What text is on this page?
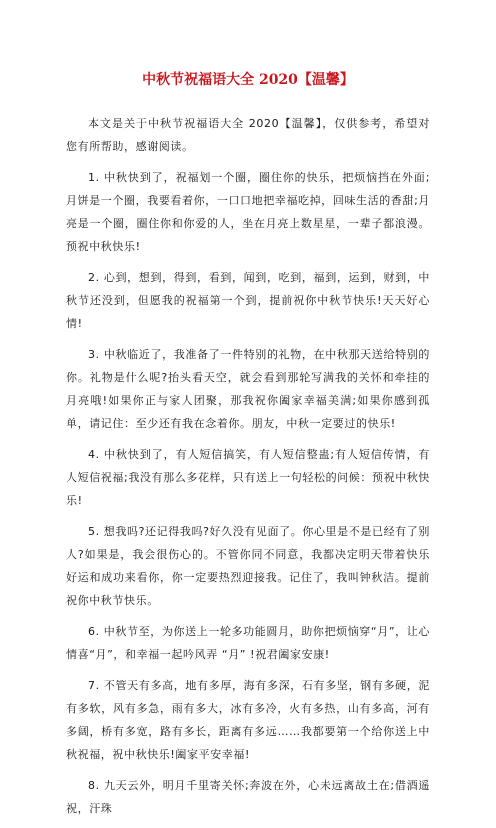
中秋节祝福语大全 2020【温馨】

本文是关于中秋节祝福语大全 2020【温馨】，仅供参考，希望对您有所帮助，感谢阅读。

1. 中秋快到了，祝福划一个圈，圈住你的快乐，把烦恼挡在外面;月饼是一个圈，我要看着你，一口口地把幸福吃掉，回味生活的香甜;月亮是一个圈，圈住你和你爱的人，坐在月亮上数星星，一辈子都浪漫。预祝中秋快乐!

2. 心到，想到，得到，看到，闻到，吃到，福到，运到，财到，中秋节还没到，但愿我的祝福第一个到，提前祝你中秋节快乐!天天好心情!

3. 中秋临近了，我准备了一件特别的礼物，在中秋那天送给特别的你。礼物是什么呢?抬头看天空，就会看到那轮写满我的关怀和牵挂的月亮哦!如果你正与家人团聚，那我祝你阖家幸福美满;如果你感到孤单，请记住：至少还有我在念着你。朋友，中秋一定要过的快乐!

4. 中秋快到了，有人短信搞笑，有人短信整蛊;有人短信传情，有人短信祝福;我没有那么多花样，只有送上一句轻松的问候：预祝中秋快乐!

5. 想我吗?还记得我吗?好久没有见面了。你心里是不是已经有了别人?如果是，我会很伤心的。不管你同不同意，我都决定明天带着快乐好运和成功来看你，你一定要热烈迎接我。记住了，我叫钟秋洁。提前祝你中秋节快乐。

6. 中秋节至，为你送上一轮多功能圆月，助你把烦恼穿“月”，让心情喜“月”，和幸福一起吟风弄 “月” !祝君阖家安康!

7. 不管天有多高，地有多厚，海有多深，石有多坚，钢有多硬，泥有多软，风有多急，雨有多大，冰有多冷，火有多热，山有多高，河有多阔，桥有多宽，路有多长，距离有多远……我都要第一个给你送上中秋祝福，祝中秋快乐!阖家平安幸福!

8. 九天云外，明月千里寄关怀;奔波在外，心未远离故土在;借酒遥祝，汗珠
